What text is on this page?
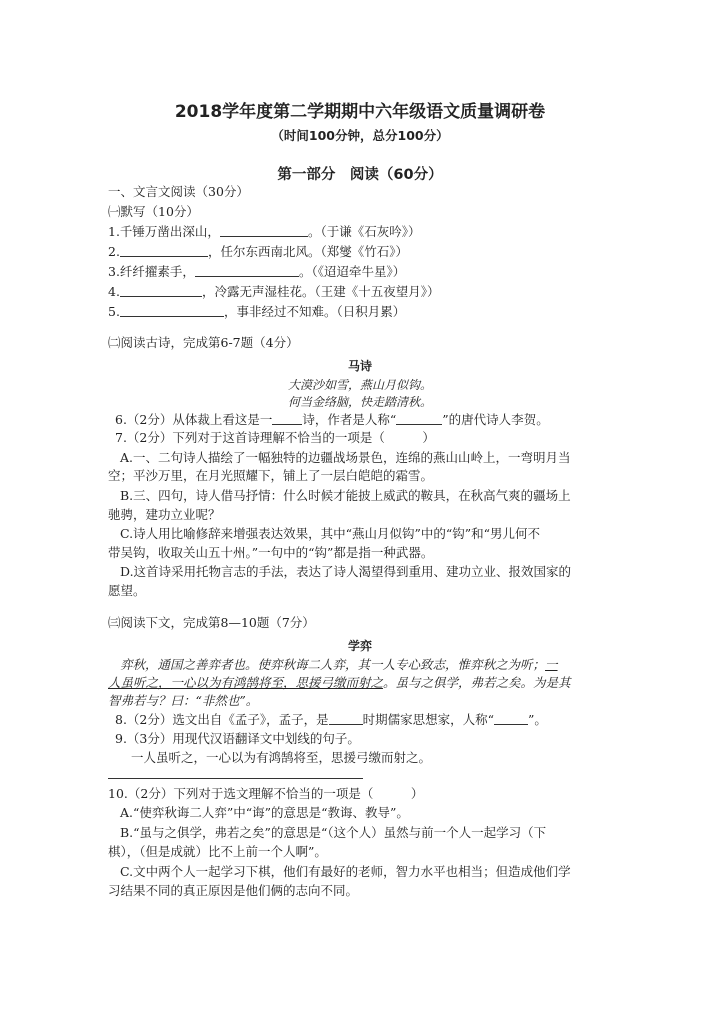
2018学年度第二学期期中六年级语文质量调研卷
（时间100分钟，总分100分）
第一部分　阅读（60分）
一、文言文阅读（30分）
㈠默写（10分）
1.千锤万凿出深山，	。（于谦《石灰吟》）
2.	，任尔东西南北风。（郑燮《竹石》）
3.纤纤擢素手，	。（《迢迢牵牛星》）
4.	，冷露无声湿桂花。（王建《十五夜望月》）
5.	，事非经过不知难。（日积月累）
㈡阅读古诗，完成第6-7题（4分）
马诗
大漠沙如雪，燕山月似钩。
何当金络脑，快走踏清秋。
6.（2分）从体裁上看这是一 诗，作者是人称“	”的唐代诗人李贺。
7.（2分）下列对于这首诗理解不恰当的一项是（　　　）
A.一、二句诗人描绘了一幅独特的边疆战场景色，连绵的燕山山岭上，一弯明月当
空；平沙万里，在月光照耀下，铺上了一层白皑皑的霜雪。
B.三、四句，诗人借马抒情：什么时候才能披上威武的鞍具，在秋高气爽的疆场上
驰骋，建功立业呢？
C.诗人用比喻修辞来增强表达效果，其中“燕山月似钩”中的“钩”和“男儿何不
带吴钩，收取关山五十州。”一句中的“钩”都是指一种武器。
D.这首诗采用托物言志的手法，表达了诗人渴望得到重用、建功立业、报效国家的
愿望。
㈢阅读下文，完成第8—10题（7分）
学弈
弈秋，通国之善弈者也。使弈秋诲二人弈，其一人专心致志，惟弈秋之为听；一
人虽听之，一心以为有鸿鹄将至，思援弓缴而射之。虽与之俱学，弗若之矣。为是其
智弗若与？曰：“非然也”。
8.（2分）选文出自《孟子》，孟子，是	时期儒家思想家，人称“	”。
9.（3分）用现代汉语翻译文中划线的句子。
一人虽听之，一心以为有鸿鹄将至，思援弓缴而射之。
10.（2分）下列对于选文理解不恰当的一项是（　　　）
A.“使弈秋诲二人弈”中“诲”的意思是“教诲、教导”。
B.“虽与之俱学，弗若之矣”的意思是“（这个人）虽然与前一个人一起学习（下
棋），（但是成就）比不上前一个人啊”。
C.文中两个人一起学习下棋，他们有最好的老师，智力水平也相当；但造成他们学
习结果不同的真正原因是他们俩的志向不同。
